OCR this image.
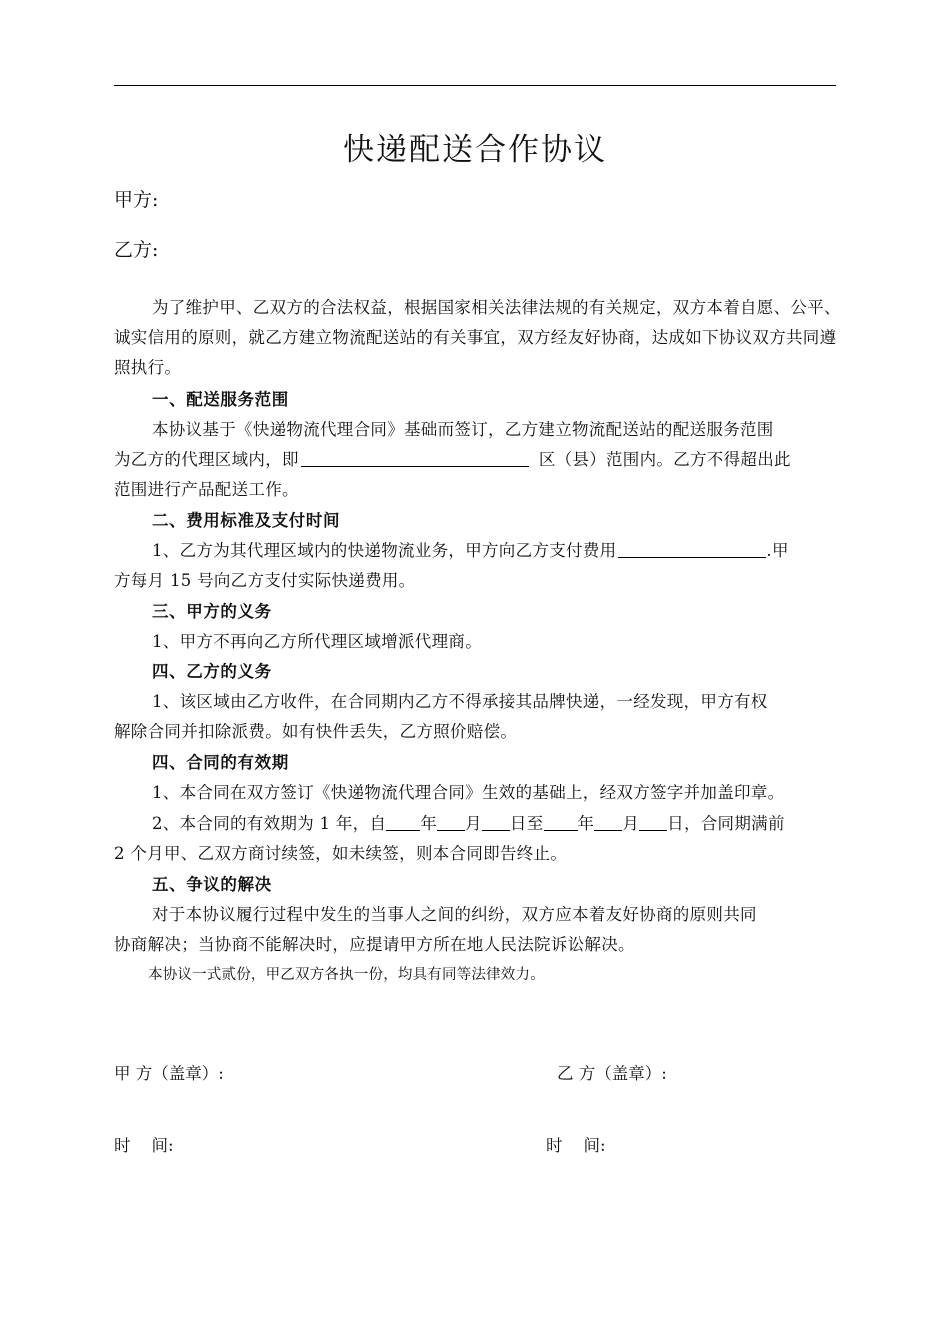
快递配送合作协议
甲方:
乙方:
为了维护甲、乙双方的合法权益，根据国家相关法律法规的有关规定，双方本着自愿、公平、诚实信用的原则，就乙方建立物流配送站的有关事宜，双方经友好协商，达成如下协议双方共同遵照执行。
一、配送服务范围
本协议基于《快递物流代理合同》基础而签订，乙方建立物流配送站的配送服务范围
为乙方的代理区域内，即	区（县）范围内。乙方不得超出此
范围进行产品配送工作。
二、费用标准及支付时间
1、乙方为其代理区域内的快递物流业务，甲方向乙方支付费用	.甲
方每月 15 号向乙方支付实际快递费用。
三、甲方的义务
1、甲方不再向乙方所代理区域增派代理商。
四、乙方的义务
1、该区域由乙方收件，在合同期内乙方不得承接其品牌快递，一经发现，甲方有权
解除合同并扣除派费。如有快件丢失，乙方照价赔偿。
四、合同的有效期
1、本合同在双方签订《快递物流代理合同》生效的基础上，经双方签字并加盖印章。
2、本合同的有效期为 1 年，自 年 月 日至 年 月 日，合同期满前
2 个月甲、乙双方商讨续签，如未续签，则本合同即告终止。
五、争议的解决
对于本协议履行过程中发生的当事人之间的纠纷，双方应本着友好协商的原则共同
协商解决；当协商不能解决时，应提请甲方所在地人民法院诉讼解决。
本协议一式贰份，甲乙双方各执一份，均具有同等法律效力。
甲 方（盖章）:	乙 方（盖章）:
时    间:	时    间:
